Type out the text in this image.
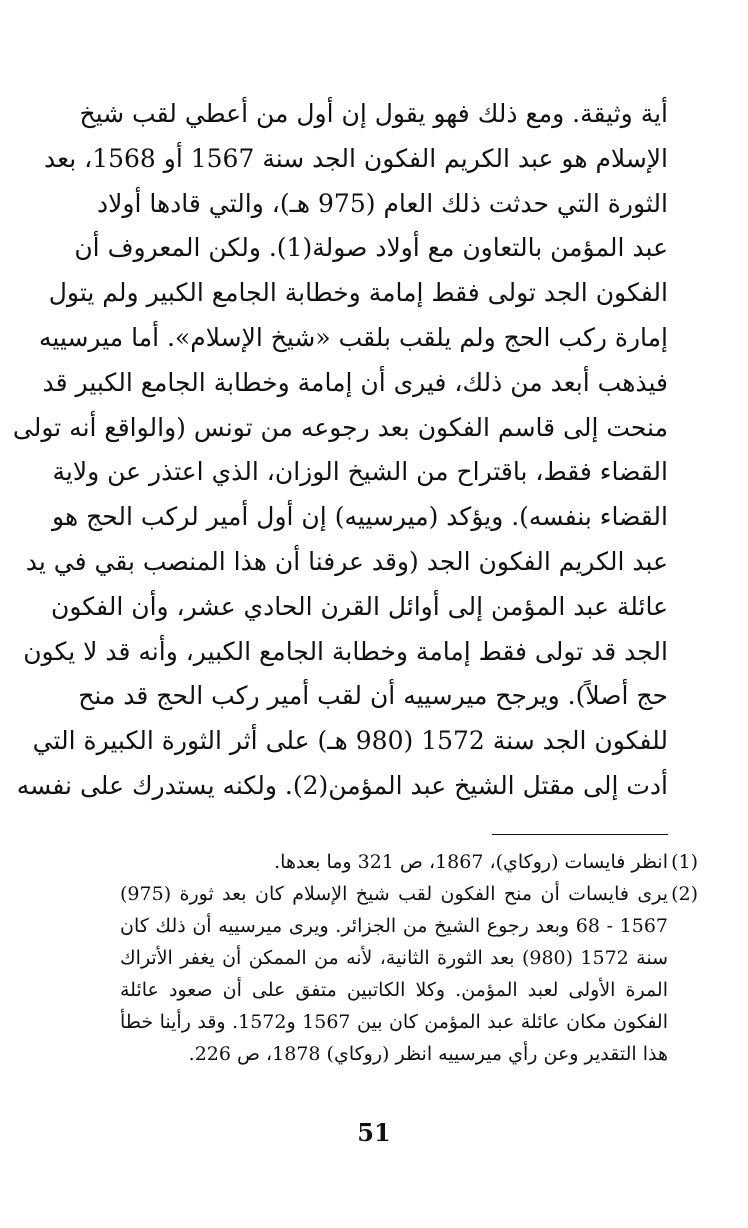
أية وثيقة. ومع ذلك فهو يقول إن أول من أعطي لقب شيخ
الإسلام هو عبد الكريم الفكون الجد سنة 1567 أو 1568، بعد
الثورة التي حدثت ذلك العام (975 هـ)، والتي قادها أولاد
عبد المؤمن بالتعاون مع أولاد صولة(1). ولكن المعروف أن
الفكون الجد تولى فقط إمامة وخطابة الجامع الكبير ولم يتول
إمارة ركب الحج ولم يلقب بلقب «شيخ الإسلام». أما ميرسييه
فيذهب أبعد من ذلك، فيرى أن إمامة وخطابة الجامع الكبير قد
منحت إلى قاسم الفكون بعد رجوعه من تونس (والواقع أنه تولى
القضاء فقط، باقتراح من الشيخ الوزان، الذي اعتذر عن ولاية
القضاء بنفسه). ويؤكد (ميرسييه) إن أول أمير لركب الحج هو
عبد الكريم الفكون الجد (وقد عرفنا أن هذا المنصب بقي في يد
عائلة عبد المؤمن إلى أوائل القرن الحادي عشر، وأن الفكون
الجد قد تولى فقط إمامة وخطابة الجامع الكبير، وأنه قد لا يكون
حج أصلاً). ويرجح ميرسييه أن لقب أمير ركب الحج قد منح
للفكون الجد سنة 1572 (980 هـ) على أثر الثورة الكبيرة التي
أدت إلى مقتل الشيخ عبد المؤمن(2). ولكنه يستدرك على نفسه
(1)
انظر فايسات (روكاي)، 1867، ص 321 وما بعدها.
(2)
يرى فايسات أن منح الفكون لقب شيخ الإسلام كان بعد ثورة (975)
1567 - 68 وبعد رجوع الشيخ من الجزائر. ويرى ميرسييه أن ذلك كان
سنة 1572 (980) بعد الثورة الثانية، لأنه من الممكن أن يغفر الأتراك
المرة الأولى لعبد المؤمن. وكلا الكاتبين متفق على أن صعود عائلة
الفكون مكان عائلة عبد المؤمن كان بين 1567 و1572. وقد رأينا خطأ
هذا التقدير وعن رأي ميرسييه انظر (روكاي) 1878، ص 226.
51
